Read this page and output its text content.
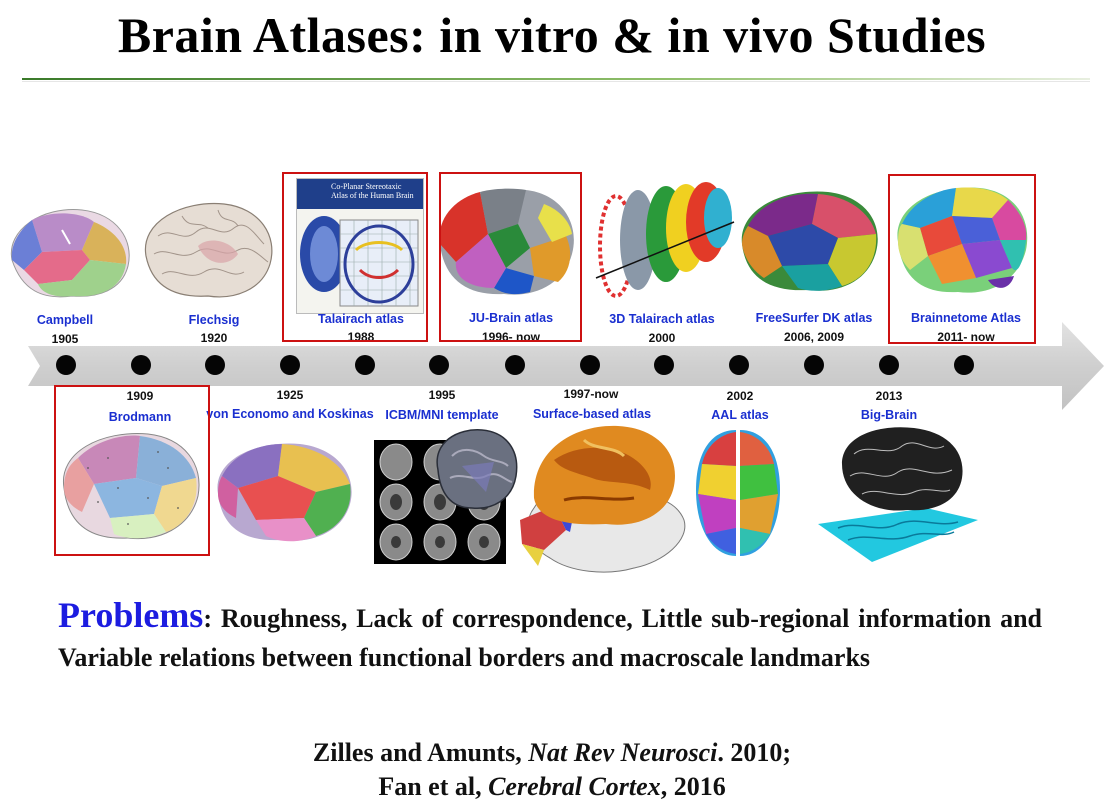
Brain Atlases: in vitro & in vivo Studies
Co-Planar Stereotaxic Atlas of the Human Brain
Campbell
1905
Flechsig
1920
Talairach atlas
1988
JU-Brain atlas
1996- now
3D Talairach atlas
2000
FreeSurfer DK atlas
2006, 2009
Brainnetome Atlas
2011- now
1909
Brodmann
1925
von Economo and Koskinas
1995
ICBM/MNI template
1997-now
Surface-based atlas
2002
AAL atlas
2013
Big-Brain
Problems: Roughness, Lack of correspondence, Little sub-regional information and Variable relations between functional borders and macroscale landmarks
Zilles and Amunts, Nat Rev Neurosci. 2010;
Fan et al, Cerebral Cortex, 2016
